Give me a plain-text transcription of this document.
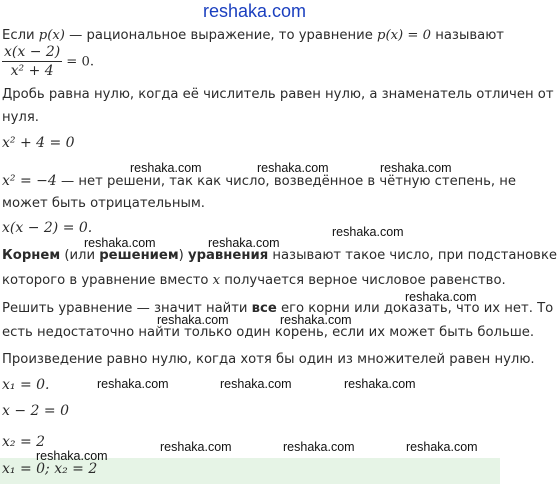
reshaka.com
Если p(x) — рациональное выражение, то уравнение p(x) = 0 называют
$\frac{x(x - 2)}{\text{x² + 4}} = 0$.
Дробь равна нулю, когда её числитель равен нулю, а знаменатель отличен от
нуля.
x² + 4 = 0
reshaka.com	reshaka.com	reshaka.com
x² = −4 — нет решени, так как число, возведённое в чётную степень, не
может быть отрицательным.
x(x − 2) = 0.	reshaka.com
reshaka.com	reshaka.com
Корнем (или решением) уравнения называют такое число, при подстановке
которого в уравнение вместо x получается верное числовое равенство.
reshaka.com
Решить уравнение — значит найти все его корни или доказать, что их нет. То
reshaka.com	reshaka.com
есть недостаточно найти только один корень, если их может быть больше.
Произведение равно нулю, когда хотя бы один из множителей равен нулю.
x₁ = 0.	reshaka.com	reshaka.com	reshaka.com
x − 2 = 0
x₂ = 2	reshaka.com	reshaka.com	reshaka.com
reshaka.com
x₁ = 0; x₂ = 2
